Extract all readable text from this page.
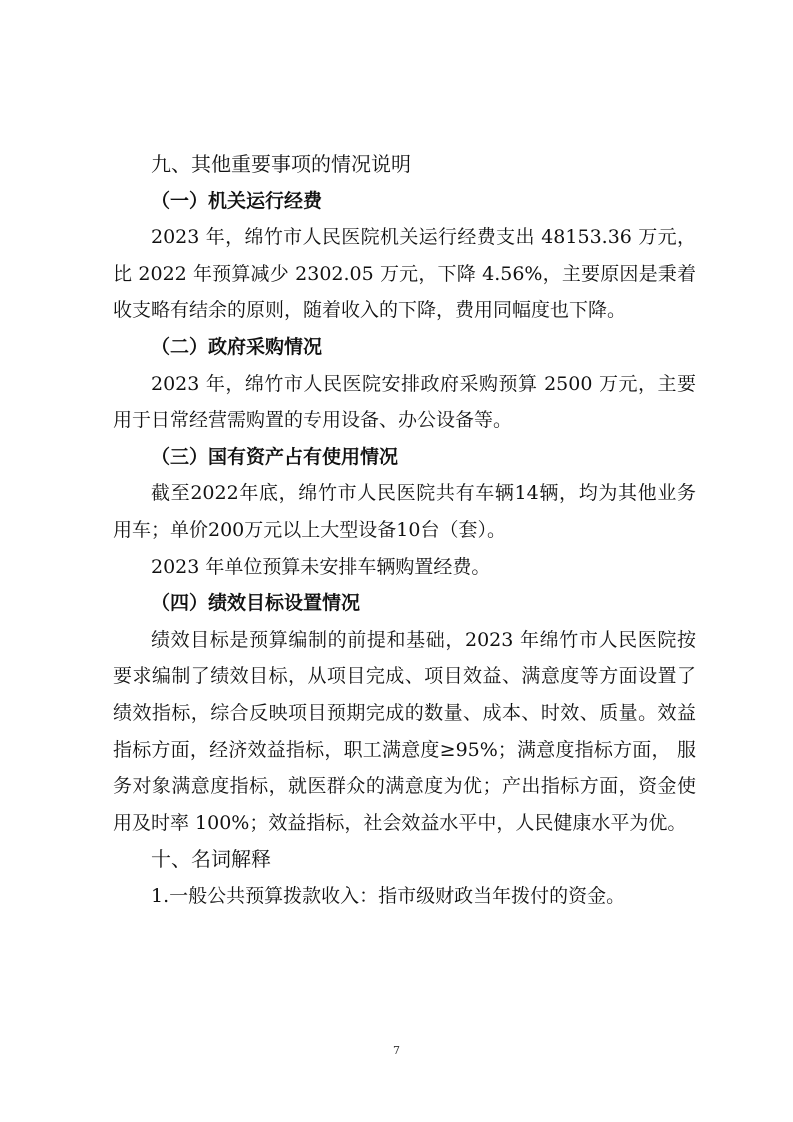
九、其他重要事项的情况说明

（一）机关运行经费

2023 年，绵竹市人民医院机关运行经费支出 48153.36 万元，比 2022 年预算减少 2302.05 万元，下降 4.56%，主要原因是秉着收支略有结余的原则，随着收入的下降，费用同幅度也下降。

（二）政府采购情况

2023 年，绵竹市人民医院安排政府采购预算 2500 万元，主要用于日常经营需购置的专用设备、办公设备等。

（三）国有资产占有使用情况

截至2022年底，绵竹市人民医院共有车辆14辆，均为其他业务用车；单价200万元以上大型设备10台（套）。

2023 年单位预算未安排车辆购置经费。

（四）绩效目标设置情况

绩效目标是预算编制的前提和基础，2023 年绵竹市人民医院按要求编制了绩效目标，从项目完成、项目效益、满意度等方面设置了绩效指标，综合反映项目预期完成的数量、成本、时效、质量。效益指标方面，经济效益指标，职工满意度≥95%；满意度指标方面， 服务对象满意度指标，就医群众的满意度为优；产出指标方面，资金使用及时率 100%；效益指标，社会效益水平中，人民健康水平为优。

十、名词解释

1.一般公共预算拨款收入：指市级财政当年拨付的资金。

7
